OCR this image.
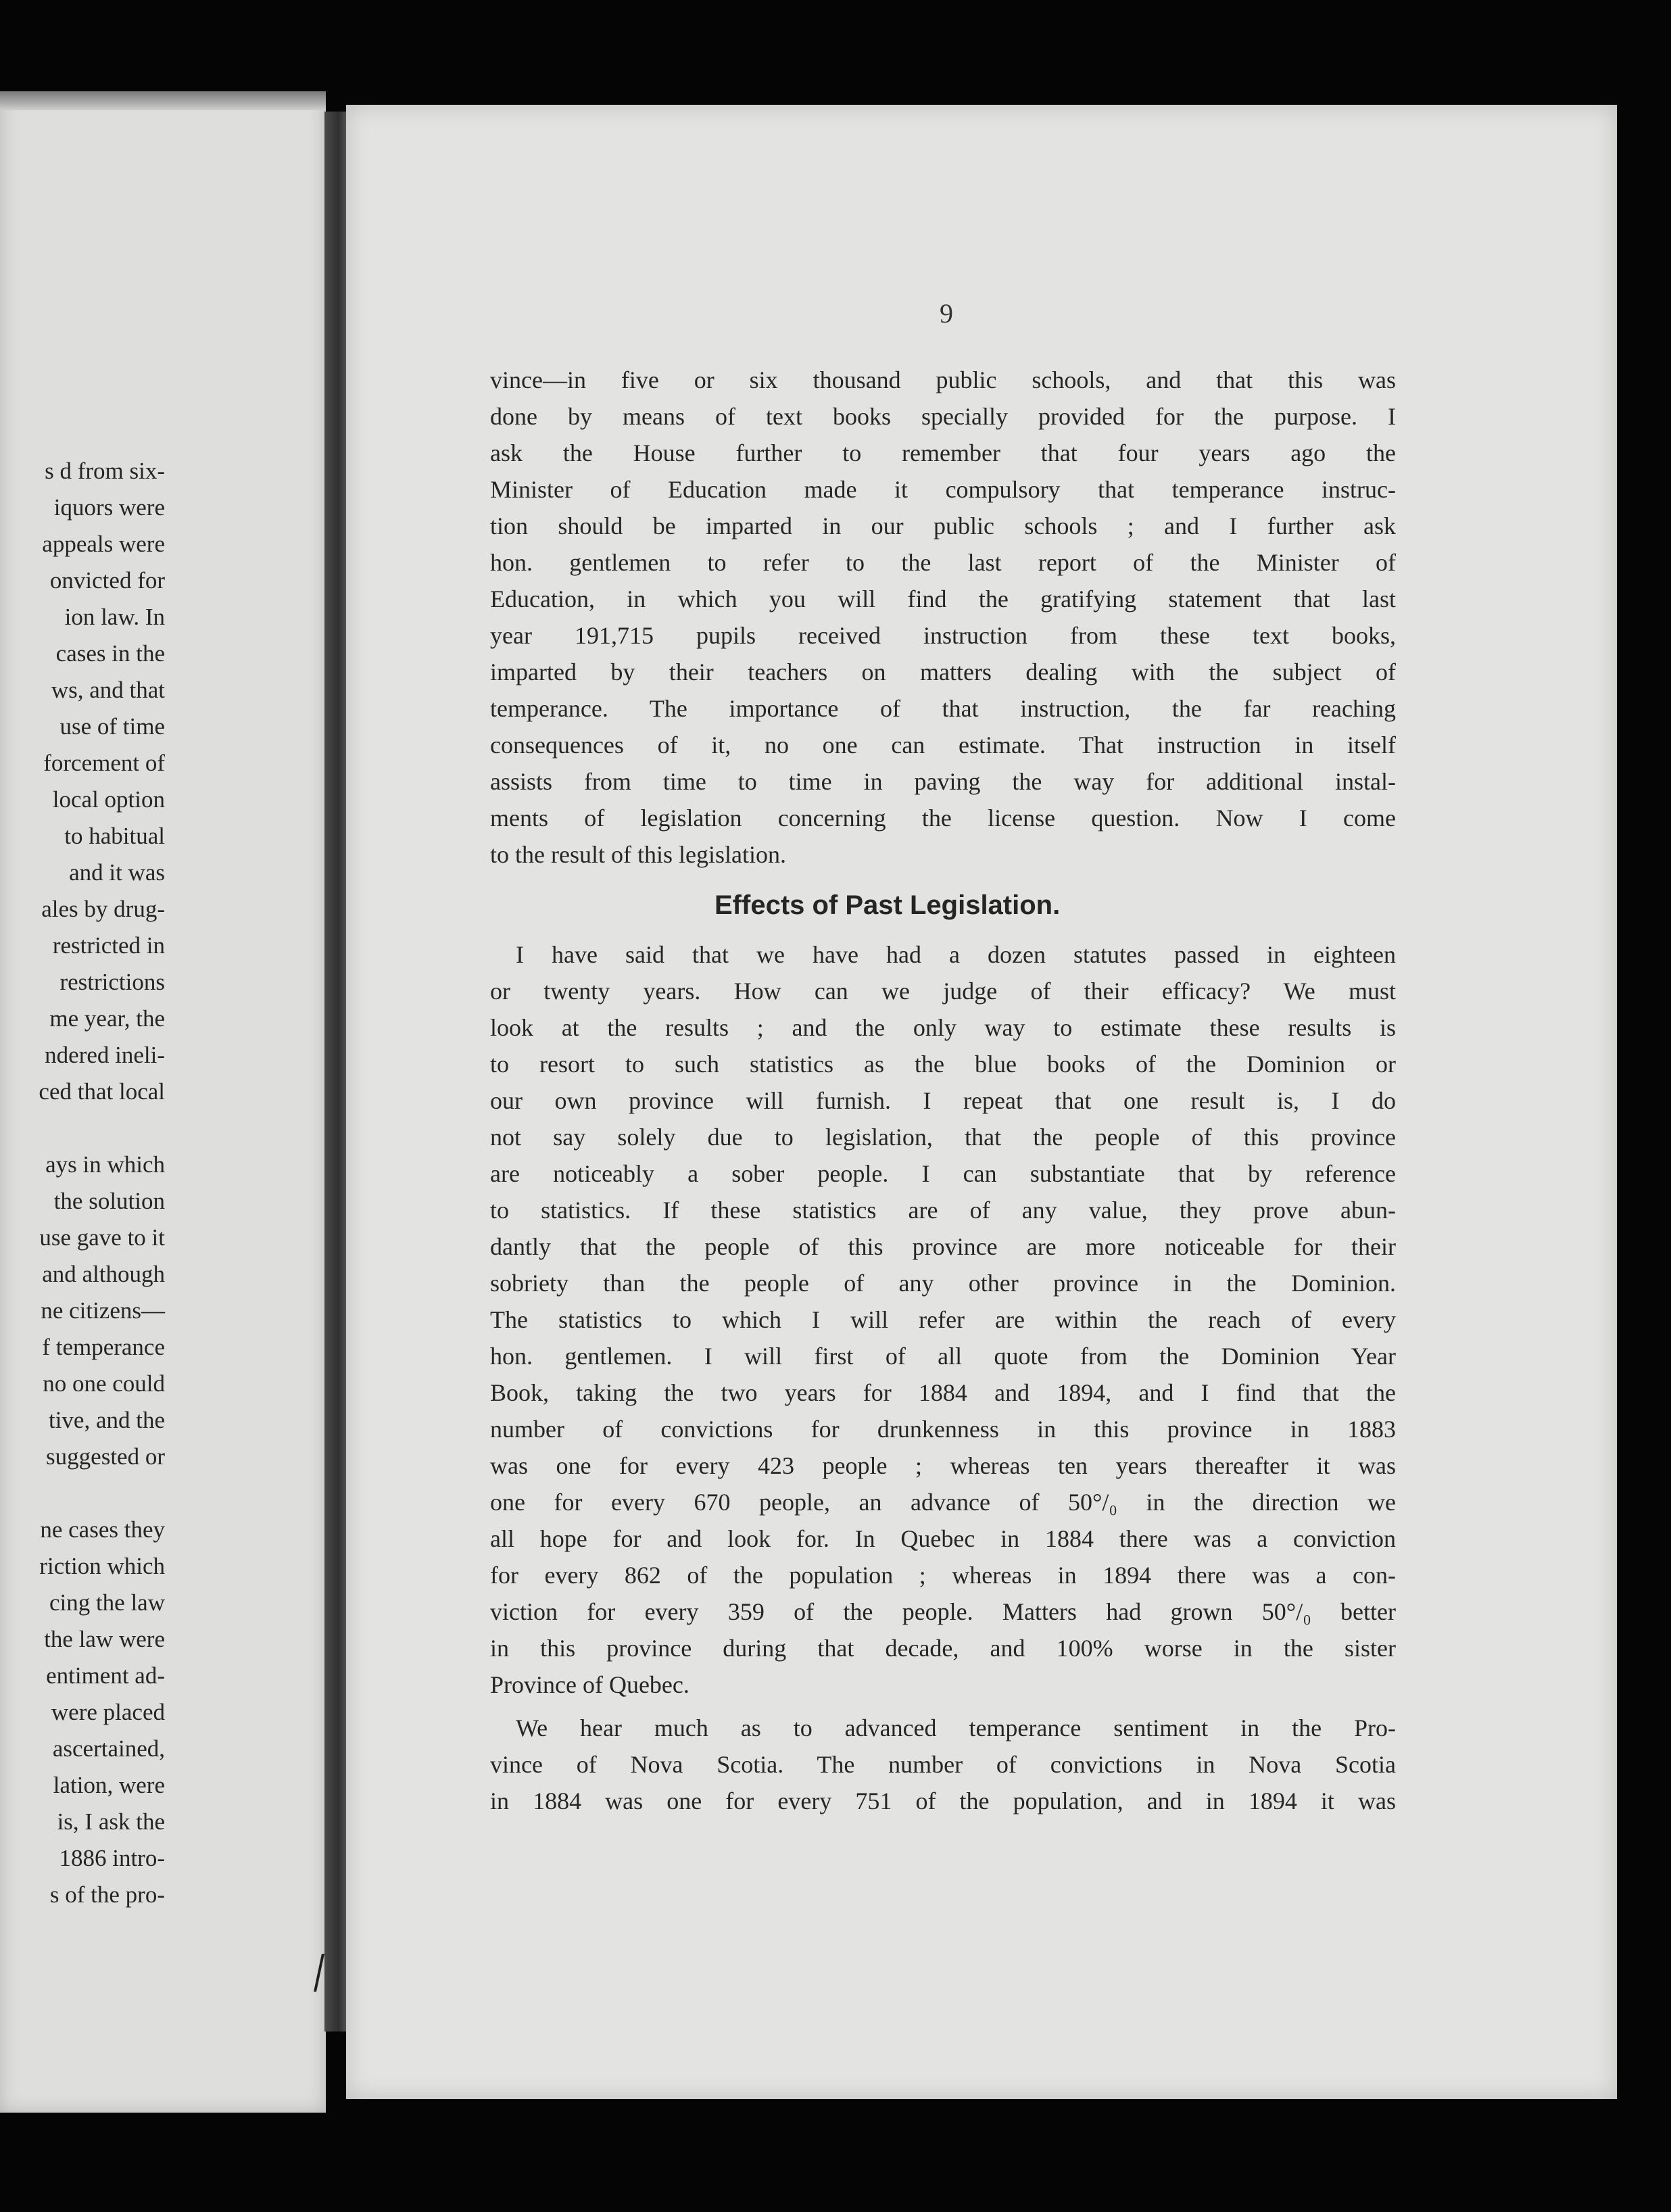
s d from six-
iquors were
appeals were
onvicted for
ion law. In
cases in the
ws, and that
use of time
forcement of
local option
to habitual
and it was
ales by drug-
restricted in
restrictions
me year, the
ndered ineli-
ced that local
ays in which
the solution
use gave to it
and although
ne citizens—
f temperance
no one could
tive, and the
suggested or
ne cases they
riction which
cing the law
the law were
entiment ad-
were placed
ascertained,
lation, were
is, I ask the
1886 intro-
s of the pro-
9
vince—in five or six thousand public schools, and that this was
done by means of text books specially provided for the purpose. I
ask the House further to remember that four years ago the
Minister of Education made it compulsory that temperance instruc-
tion should be imparted in our public schools ; and I further ask
hon. gentlemen to refer to the last report of the Minister of
Education, in which you will find the gratifying statement that last
year 191,715 pupils received instruction from these text books,
imparted by their teachers on matters dealing with the subject of
temperance. The importance of that instruction, the far reaching
consequences of it, no one can estimate. That instruction in itself
assists from time to time in paving the way for additional instal-
ments of legislation concerning the license question. Now I come
to the result of this legislation.
Effects of Past Legislation.
I have said that we have had a dozen statutes passed in eighteen
or twenty years. How can we judge of their efficacy? We must
look at the results ; and the only way to estimate these results is
to resort to such statistics as the blue books of the Dominion or
our own province will furnish. I repeat that one result is, I do
not say solely due to legislation, that the people of this province
are noticeably a sober people. I can substantiate that by reference
to statistics. If these statistics are of any value, they prove abun-
dantly that the people of this province are more noticeable for their
sobriety than the people of any other province in the Dominion.
The statistics to which I will refer are within the reach of every
hon. gentlemen. I will first of all quote from the Dominion Year
Book, taking the two years for 1884 and 1894, and I find that the
number of convictions for drunkenness in this province in 1883
was one for every 423 people ; whereas ten years thereafter it was
one for every 670 people, an advance of 50°/₀ in the direction we
all hope for and look for. In Quebec in 1884 there was a conviction
for every 862 of the population ; whereas in 1894 there was a con-
viction for every 359 of the people. Matters had grown 50°/₀ better
in this province during that decade, and 100% worse in the sister
Province of Quebec.
We hear much as to advanced temperance sentiment in the Pro-
vince of Nova Scotia. The number of convictions in Nova Scotia
in 1884 was one for every 751 of the population, and in 1894 it was
